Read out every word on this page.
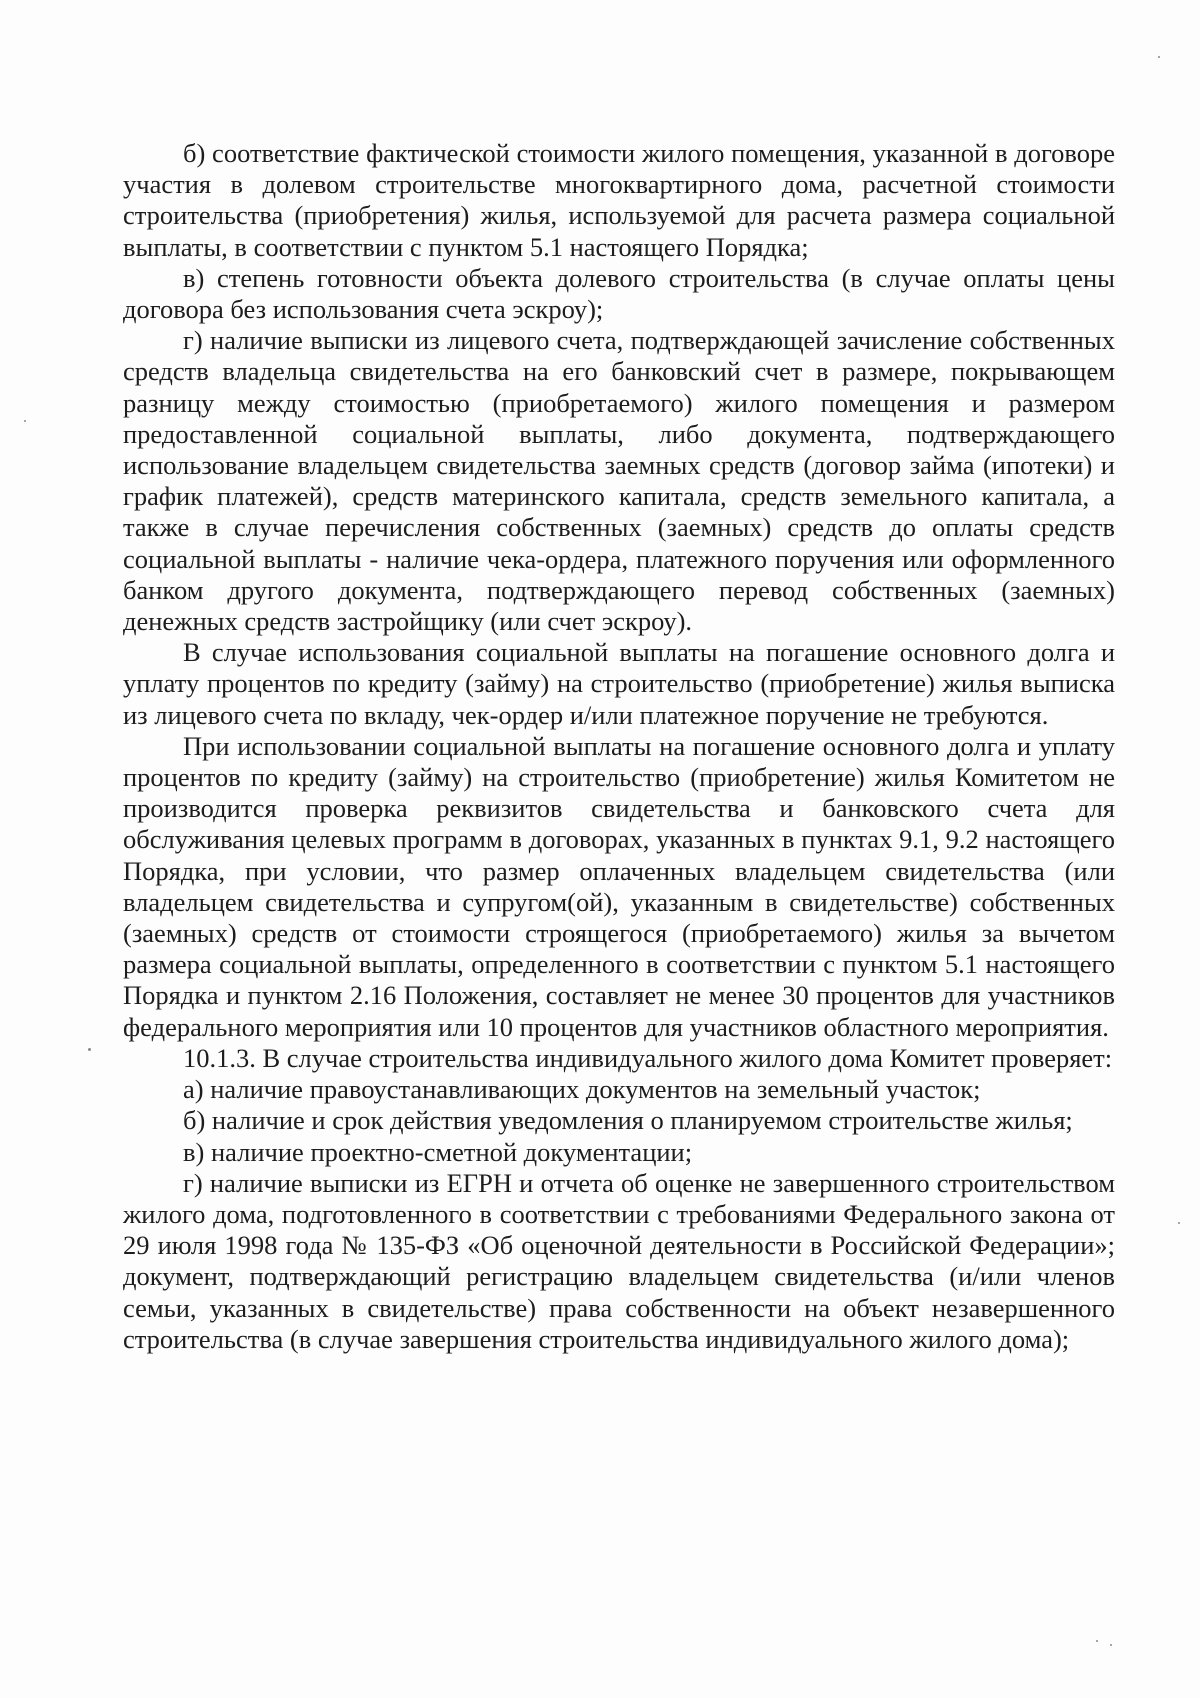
б) соответствие фактической стоимости жилого помещения, указанной в договоре участия в долевом строительстве многоквартирного дома, расчетной стоимости строительства (приобретения) жилья, используемой для расчета размера социальной выплаты, в соответствии с пунктом 5.1 настоящего Порядка;

в) степень готовности объекта долевого строительства (в случае оплаты цены договора без использования счета эскроу);

г) наличие выписки из лицевого счета, подтверждающей зачисление собственных средств владельца свидетельства на его банковский счет в размере, покрывающем разницу между стоимостью (приобретаемого) жилого помещения и размером предоставленной социальной выплаты, либо документа, подтверждающего использование владельцем свидетельства заемных средств (договор займа (ипотеки) и график платежей), средств материнского капитала, средств земельного капитала, а также в случае перечисления собственных (заемных) средств до оплаты средств социальной выплаты - наличие чека-ордера, платежного поручения или оформленного банком другого документа, подтверждающего перевод собственных (заемных) денежных средств застройщику (или счет эскроу).

В случае использования социальной выплаты на погашение основного долга и уплату процентов по кредиту (займу) на строительство (приобретение) жилья выписка из лицевого счета по вкладу, чек-ордер и/или платежное поручение не требуются.

При использовании социальной выплаты на погашение основного долга и уплату процентов по кредиту (займу) на строительство (приобретение) жилья Комитетом не производится проверка реквизитов свидетельства и банковского счета для обслуживания целевых программ в договорах, указанных в пунктах 9.1, 9.2 настоящего Порядка, при условии, что размер оплаченных владельцем свидетельства (или владельцем свидетельства и супругом(ой), указанным в свидетельстве) собственных (заемных) средств от стоимости строящегося (приобретаемого) жилья за вычетом размера социальной выплаты, определенного в соответствии с пунктом 5.1 настоящего Порядка и пунктом 2.16 Положения, составляет не менее 30 процентов для участников федерального мероприятия или 10 процентов для участников областного мероприятия.

10.1.3. В случае строительства индивидуального жилого дома Комитет проверяет:

а) наличие правоустанавливающих документов на земельный участок;

б) наличие и срок действия уведомления о планируемом строительстве жилья;

в) наличие проектно-сметной документации;

г) наличие выписки из ЕГРН и отчета об оценке не завершенного строительством жилого дома, подготовленного в соответствии с требованиями Федерального закона от 29 июля 1998 года № 135-ФЗ «Об оценочной деятельности в Российской Федерации»; документ, подтверждающий регистрацию владельцем свидетельства (и/или членов семьи, указанных в свидетельстве) права собственности на объект незавершенного строительства (в случае завершения строительства индивидуального жилого дома);
